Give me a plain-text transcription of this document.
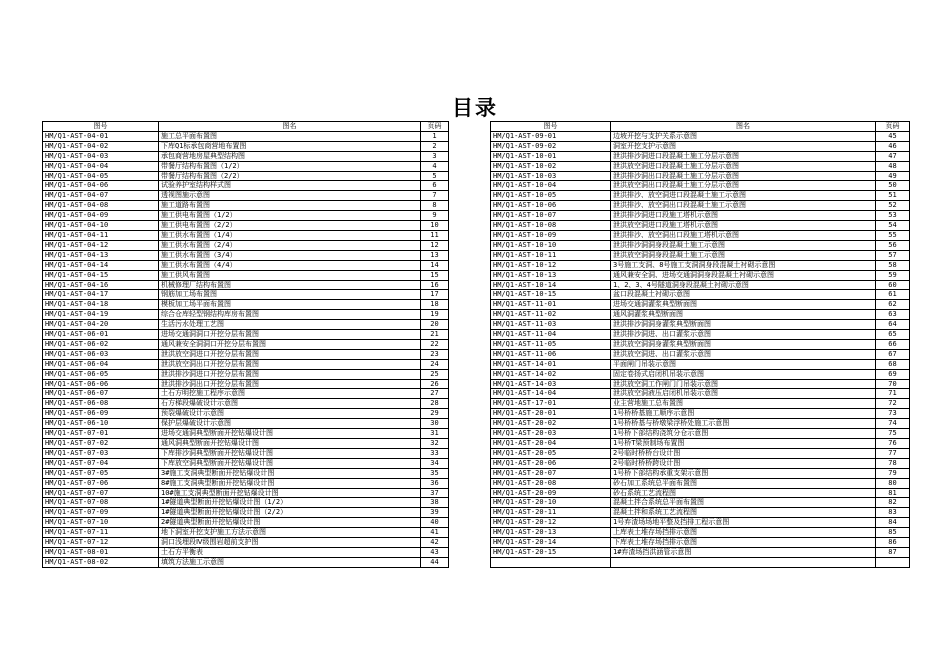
目录
图号	图名	页码
HM/Q1-AST-04-01	施工总平面布置图	1
HM/Q1-AST-04-02	下库Q1标承包商营地布置图	2
HM/Q1-AST-04-03	承包商营地房屋典型结构图	3
HM/Q1-AST-04-04	带餐厅结构布置图（1/2）	4
HM/Q1-AST-04-05	带餐厅结构布置图（2/2）	5
HM/Q1-AST-04-06	试验养护室结构样式图	6
HM/Q1-AST-04-07	透视图施示意图	7
HM/Q1-AST-04-08	施工道路布置图	8
HM/Q1-AST-04-09	施工供电布置图（1/2）	9
HM/Q1-AST-04-10	施工供电布置图（2/2）	10
HM/Q1-AST-04-11	施工供水布置图（1/4）	11
HM/Q1-AST-04-12	施工供水布置图（2/4）	12
HM/Q1-AST-04-13	施工供水布置图（3/4）	13
HM/Q1-AST-04-14	施工供水布置图（4/4）	14
HM/Q1-AST-04-15	施工供风布置图	15
HM/Q1-AST-04-16	机械修理厂结构布置图	16
HM/Q1-AST-04-17	钢筋加工场布置图	17
HM/Q1-AST-04-18	模板加工场平面布置图	18
HM/Q1-AST-04-19	综合仓库轻型钢结构库房布置图	19
HM/Q1-AST-04-20	生活污水处理工艺图	20
HM/Q1-AST-06-01	进场交通洞洞口开挖分层布置图	21
HM/Q1-AST-06-02	通风兼安全洞洞口开挖分层布置图	22
HM/Q1-AST-06-03	泄洪放空洞进口开挖分层布置图	23
HM/Q1-AST-06-04	泄洪放空洞出口开挖分层布置图	24
HM/Q1-AST-06-05	泄洪排沙洞进口开挖分层布置图	25
HM/Q1-AST-06-06	泄洪排沙洞出口开挖分层布置图	26
HM/Q1-AST-06-07	土石方明挖施工程序示意图	27
HM/Q1-AST-06-08	石方梯段爆破设计示意图	28
HM/Q1-AST-06-09	预裂爆破设计示意图	29
HM/Q1-AST-06-10	保护层爆破设计示意图	30
HM/Q1-AST-07-01	进场交通洞典型断面开挖钻爆设计图	31
HM/Q1-AST-07-02	通风洞典型断面开挖钻爆设计图	32
HM/Q1-AST-07-03	下库排沙洞典型断面开挖钻爆设计图	33
HM/Q1-AST-07-04	下库放空洞典型断面开挖钻爆设计图	34
HM/Q1-AST-07-05	3#施工支洞典型断面开挖钻爆设计图	35
HM/Q1-AST-07-06	8#施工支洞典型断面开挖钻爆设计图	36
HM/Q1-AST-07-07	10#施工支洞典型断面开挖钻爆设计图	37
HM/Q1-AST-07-08	1#隧道典型断面开挖钻爆设计图（1/2）	38
HM/Q1-AST-07-09	1#隧道典型断面开挖钻爆设计图（2/2）	39
HM/Q1-AST-07-10	2#隧道典型断面开挖钻爆设计图	40
HM/Q1-AST-07-11	地下洞室开挖支护施工方法示意图	41
HM/Q1-AST-07-12	洞口浅埋段Ⅳ级围岩超前支护图	42
HM/Q1-AST-08-01	土石方平衡表	43
HM/Q1-AST-08-02	填筑方法施工示意图	44
图号	图名	页码
HM/Q1-AST-09-01	边坡开挖与支护关系示意图	45
HM/Q1-AST-09-02	洞室开挖支护示意图	46
HM/Q1-AST-10-01	泄洪排沙洞进口段混凝土施工分层示意图	47
HM/Q1-AST-10-02	泄洪放空洞进口段混凝土施工分层示意图	48
HM/Q1-AST-10-03	泄洪排沙洞出口段混凝土施工分层示意图	49
HM/Q1-AST-10-04	泄洪放空洞出口段混凝土施工分层示意图	50
HM/Q1-AST-10-05	泄洪排沙、放空洞进口段混凝土施工示意图	51
HM/Q1-AST-10-06	泄洪排沙、放空洞出口段混凝土施工示意图	52
HM/Q1-AST-10-07	泄洪排沙洞进口段施工塔机示意图	53
HM/Q1-AST-10-08	泄洪放空洞进口段施工塔机示意图	54
HM/Q1-AST-10-09	泄洪排沙、放空洞出口段施工塔机示意图	55
HM/Q1-AST-10-10	泄洪排沙洞洞身段混凝土施工示意图	56
HM/Q1-AST-10-11	泄洪放空洞洞身段混凝土施工示意图	57
HM/Q1-AST-10-12	3号施工支洞、8号施工支洞洞身段混凝土衬砌示意图	58
HM/Q1-AST-10-13	通风兼安全洞、进场交通洞洞身段混凝土衬砌示意图	59
HM/Q1-AST-10-14	1、2、3、4号隧道洞身段混凝土衬砌示意图	60
HM/Q1-AST-10-15	盆口段混凝土衬砌示意图	61
HM/Q1-AST-11-01	进场交通洞灌浆典型断面图	62
HM/Q1-AST-11-02	通风洞灌浆典型断面图	63
HM/Q1-AST-11-03	泄洪排沙洞洞身灌浆典型断面图	64
HM/Q1-AST-11-04	泄洪排沙洞进、出口灌浆示意图	65
HM/Q1-AST-11-05	泄洪放空洞洞身灌浆典型断面图	66
HM/Q1-AST-11-06	泄洪放空洞进、出口灌浆示意图	67
HM/Q1-AST-14-01	平面闸门吊装示意图	68
HM/Q1-AST-14-02	固定卷扬式启闭机吊装示意图	69
HM/Q1-AST-14-03	泄洪放空洞工作闸门门吊装示意图	70
HM/Q1-AST-14-04	泄洪放空洞液压启闭机吊装示意图	71
HM/Q1-AST-17-01	业主营地施工总布置图	72
HM/Q1-AST-20-01	1号桥桥基施工顺序示意图	73
HM/Q1-AST-20-02	1号桥桥基与桥墩梁浮桥处施工示意图	74
HM/Q1-AST-20-03	1号桥下部结构浇筑分仓示意图	75
HM/Q1-AST-20-04	1号桥T梁预制场布置图	76
HM/Q1-AST-20-05	2号临时桥桥台设计图	77
HM/Q1-AST-20-06	2号临时桥桥跨设计图	78
HM/Q1-AST-20-07	1号桥下部结构承重支架示意图	79
HM/Q1-AST-20-08	砂石加工系统总平面布置图	80
HM/Q1-AST-20-09	砂石系统工艺流程图	81
HM/Q1-AST-20-10	混凝土拌合系统总平面布置图	82
HM/Q1-AST-20-11	混凝土拌和系统工艺流程图	83
HM/Q1-AST-20-12	1号弃渣场场地平整及挡排工程示意图	84
HM/Q1-AST-20-13	上库表土堆存场挡排示意图	85
HM/Q1-AST-20-14	下库表土堆存场挡排示意图	86
HM/Q1-AST-20-15	1#弃渣场挡洪涵管示意图	87
